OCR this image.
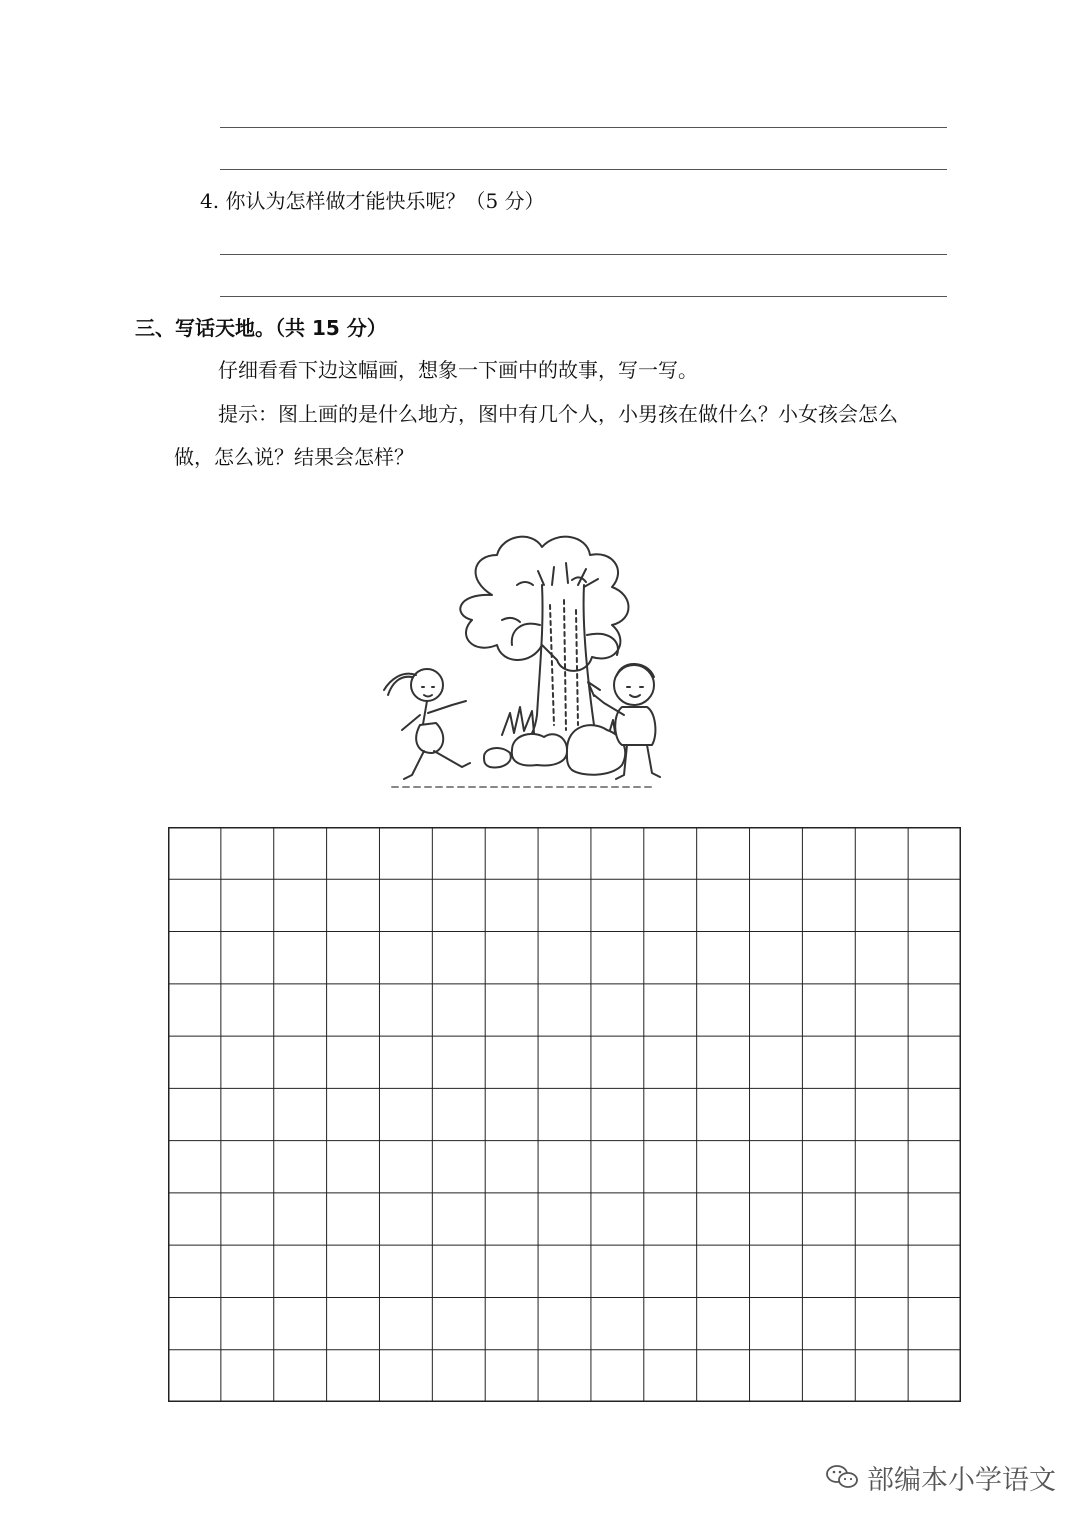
4. 你认为怎样做才能快乐呢？（5 分）
三、写话天地。（共 15 分）
仔细看看下边这幅画，想象一下画中的故事，写一写。
提示：图上画的是什么地方，图中有几个人，小男孩在做什么？小女孩会怎么
做，怎么说？结果会怎样？
部编本小学语文
